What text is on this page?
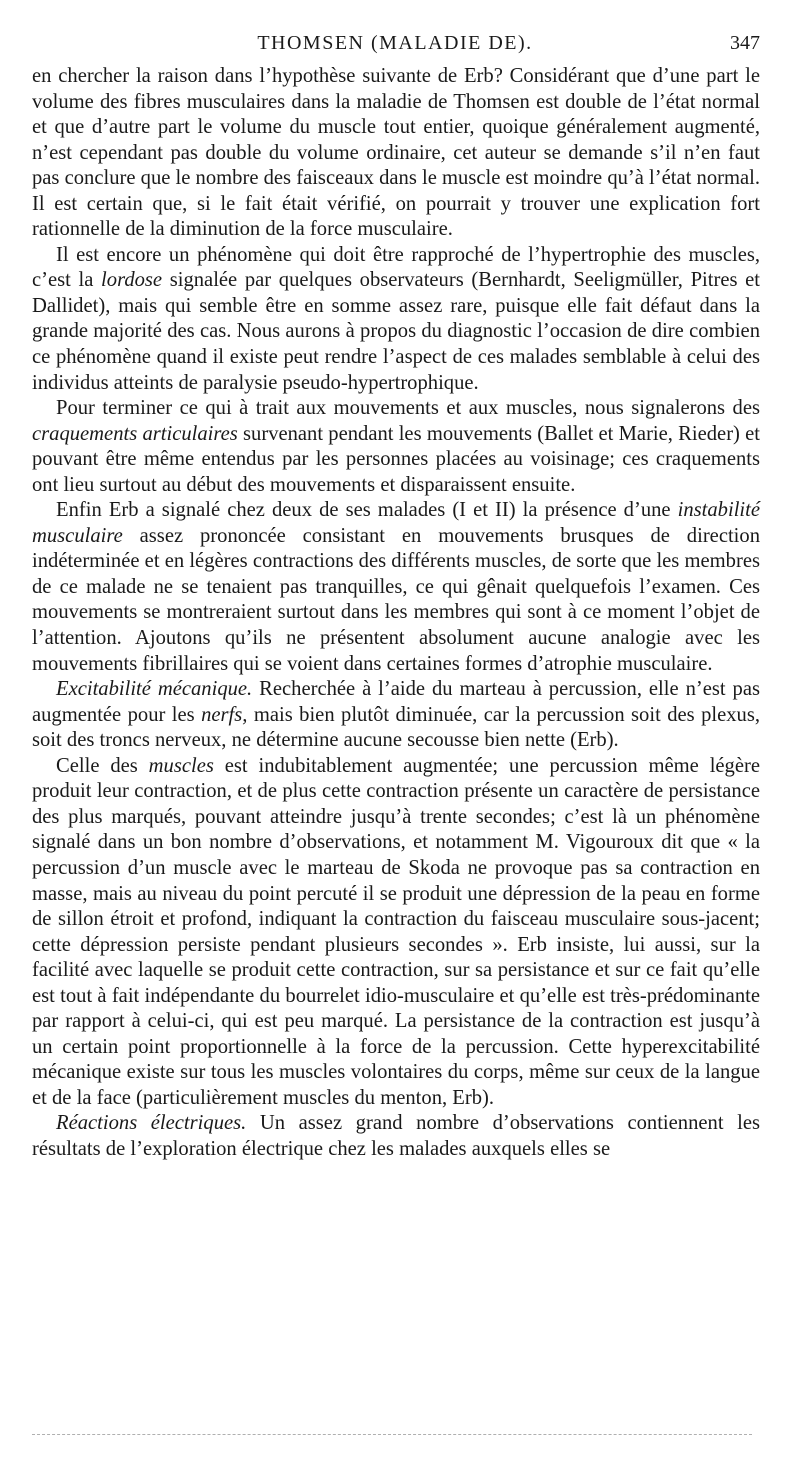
THOMSEN (MALADIE DE).	347

en chercher la raison dans l’hypothèse suivante de Erb? Considérant que d’une part le volume des fibres musculaires dans la maladie de Thomsen est double de l’état normal et que d’autre part le volume du muscle tout entier, quoique généralement augmenté, n’est cependant pas double du volume ordinaire, cet auteur se demande s’il n’en faut pas conclure que le nombre des faisceaux dans le muscle est moindre qu’à l’état normal. Il est certain que, si le fait était vérifié, on pourrait y trouver une explication fort rationnelle de la diminution de la force musculaire.

Il est encore un phénomène qui doit être rapproché de l’hypertrophie des muscles, c’est la lordose signalée par quelques observateurs (Bernhardt, Seeligmüller, Pitres et Dallidet), mais qui semble être en somme assez rare, puisque elle fait défaut dans la grande majorité des cas. Nous aurons à propos du diagnostic l’occasion de dire combien ce phénomène quand il existe peut rendre l’aspect de ces malades semblable à celui des individus atteints de paralysie pseudo-hypertrophique.

Pour terminer ce qui à trait aux mouvements et aux muscles, nous signalerons des craquements articulaires survenant pendant les mouvements (Ballet et Marie, Rieder) et pouvant être même entendus par les personnes placées au voisinage; ces craquements ont lieu surtout au début des mouvements et disparaissent ensuite.

Enfin Erb a signalé chez deux de ses malades (I et II) la présence d’une instabilité musculaire assez prononcée consistant en mouvements brusques de direction indéterminée et en légères contractions des différents muscles, de sorte que les membres de ce malade ne se tenaient pas tranquilles, ce qui gênait quelquefois l’examen. Ces mouvements se montreraient surtout dans les membres qui sont à ce moment l’objet de l’attention. Ajoutons qu’ils ne présentent absolument aucune analogie avec les mouvements fibrillaires qui se voient dans certaines formes d’atrophie musculaire.

Excitabilité mécanique. Recherchée à l’aide du marteau à percussion, elle n’est pas augmentée pour les nerfs, mais bien plutôt diminuée, car la percussion soit des plexus, soit des troncs nerveux, ne détermine aucune secousse bien nette (Erb).

Celle des muscles est indubitablement augmentée; une percussion même légère produit leur contraction, et de plus cette contraction présente un caractère de persistance des plus marqués, pouvant atteindre jusqu’à trente secondes; c’est là un phénomène signalé dans un bon nombre d’observations, et notamment M. Vigouroux dit que « la percussion d’un muscle avec le marteau de Skoda ne provoque pas sa contraction en masse, mais au niveau du point percuté il se produit une dépression de la peau en forme de sillon étroit et profond, indiquant la contraction du faisceau musculaire sous-jacent; cette dépression persiste pendant plusieurs secondes ». Erb insiste, lui aussi, sur la facilité avec laquelle se produit cette contraction, sur sa persistance et sur ce fait qu’elle est tout à fait indépendante du bourrelet idio-musculaire et qu’elle est très-prédominante par rapport à celui-ci, qui est peu marqué. La persistance de la contraction est jusqu’à un certain point proportionnelle à la force de la percussion. Cette hyperexcitabilité mécanique existe sur tous les muscles volontaires du corps, même sur ceux de la langue et de la face (particulièrement muscles du menton, Erb).

Réactions électriques. Un assez grand nombre d’observations contiennent les résultats de l’exploration électrique chez les malades auxquels elles se
